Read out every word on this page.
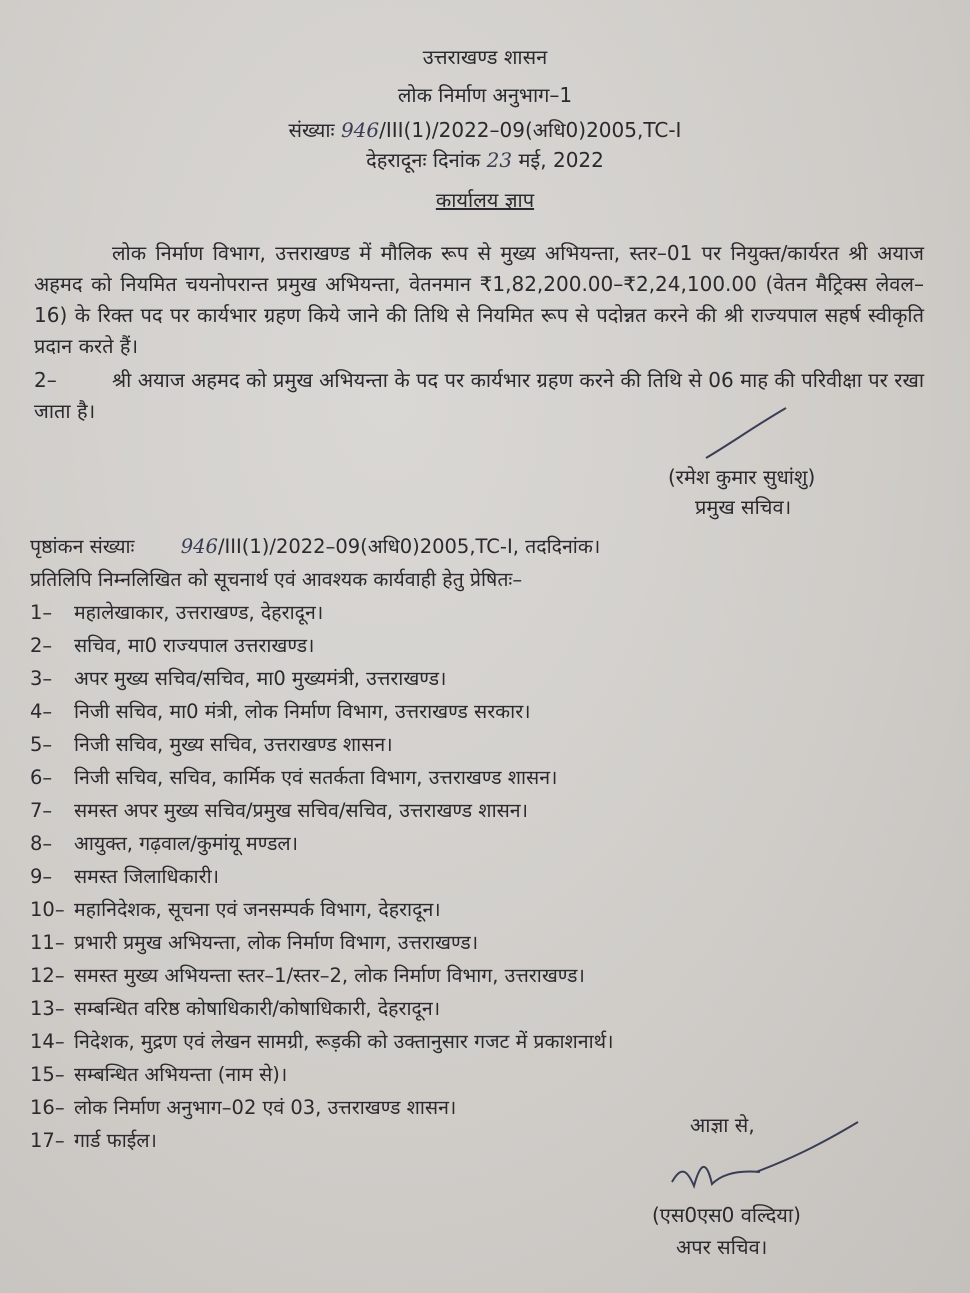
उत्तराखण्ड शासन
लोक निर्माण अनुभाग–1
संख्याः 946/III(1)/2022–09(अधि0)2005,TC-I
देहरादूनः दिनांक 23 मई, 2022
कार्यालय ज्ञाप
लोक निर्माण विभाग, उत्तराखण्ड में मौलिक रूप से मुख्य अभियन्ता, स्तर–01 पर नियुक्त/कार्यरत श्री अयाज अहमद को नियमित चयनोपरान्त प्रमुख अभियन्ता, वेतनमान ₹1,82,200.00–₹2,24,100.00 (वेतन मैट्रिक्स लेवल–16) के रिक्त पद पर कार्यभार ग्रहण किये जाने की तिथि से नियमित रूप से पदोन्नत करने की श्री राज्यपाल सहर्ष स्वीकृति प्रदान करते हैं।
2–	श्री अयाज अहमद को प्रमुख अभियन्ता के पद पर कार्यभार ग्रहण करने की तिथि से 06 माह की परिवीक्षा पर रखा जाता है।
(रमेश कुमार सुधांशु)
प्रमुख सचिव।
पृष्ठांकन संख्याः 946/III(1)/2022–09(अधि0)2005,TC-I, तददिनांक।
प्रतिलिपि निम्नलिखित को सूचनार्थ एवं आवश्यक कार्यवाही हेतु प्रेषितः–
1– महालेखाकार, उत्तराखण्ड, देहरादून।
2– सचिव, मा0 राज्यपाल उत्तराखण्ड।
3– अपर मुख्य सचिव/सचिव, मा0 मुख्यमंत्री, उत्तराखण्ड।
4– निजी सचिव, मा0 मंत्री, लोक निर्माण विभाग, उत्तराखण्ड सरकार।
5– निजी सचिव, मुख्य सचिव, उत्तराखण्ड शासन।
6– निजी सचिव, सचिव, कार्मिक एवं सतर्कता विभाग, उत्तराखण्ड शासन।
7– समस्त अपर मुख्य सचिव/प्रमुख सचिव/सचिव, उत्तराखण्ड शासन।
8– आयुक्त, गढ़वाल/कुमांयू मण्डल।
9– समस्त जिलाधिकारी।
10– महानिदेशक, सूचना एवं जनसम्पर्क विभाग, देहरादून।
11– प्रभारी प्रमुख अभियन्ता, लोक निर्माण विभाग, उत्तराखण्ड।
12– समस्त मुख्य अभियन्ता स्तर–1/स्तर–2, लोक निर्माण विभाग, उत्तराखण्ड।
13– सम्बन्धित वरिष्ठ कोषाधिकारी/कोषाधिकारी, देहरादून।
14– निदेशक, मुद्रण एवं लेखन सामग्री, रूड़की को उक्तानुसार गजट में प्रकाशनार्थ।
15– सम्बन्धित अभियन्ता (नाम से)।
16– लोक निर्माण अनुभाग–02 एवं 03, उत्तराखण्ड शासन।
17– गार्ड फाईल।
आज्ञा से,
(एस0एस0 वल्दिया)
अपर सचिव।
